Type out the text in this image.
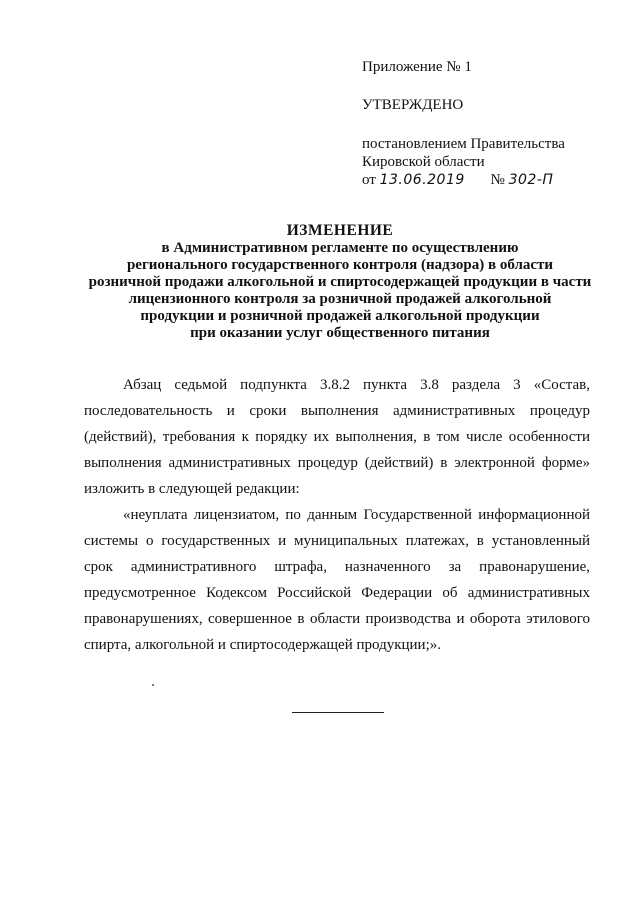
Приложение № 1
УТВЕРЖДЕНО
постановлением Правительства
Кировской области
от 13.06.2019 № 302-П
ИЗМЕНЕНИЕ
в Административном регламенте по осуществлению
регионального государственного контроля (надзора) в области
розничной продажи алкогольной и спиртосодержащей продукции в части
лицензионного контроля за розничной продажей алкогольной
продукции и розничной продажей алкогольной продукции
при оказании услуг общественного питания

Абзац седьмой подпункта 3.8.2 пункта 3.8 раздела 3 «Состав, последовательность и сроки выполнения административных процедур (действий), требования к порядку их выполнения, в том числе особенности выполнения административных процедур (действий) в электронной форме» изложить в следующей редакции:

«неуплата лицензиатом, по данным Государственной информационной системы о государственных и муниципальных платежах, в установленный срок административного штрафа, назначенного за правонарушение, предусмотренное Кодексом Российской Федерации об административных правонарушениях, совершенное в области производства и оборота этилового спирта, алкогольной и спиртосодержащей продукции;».
